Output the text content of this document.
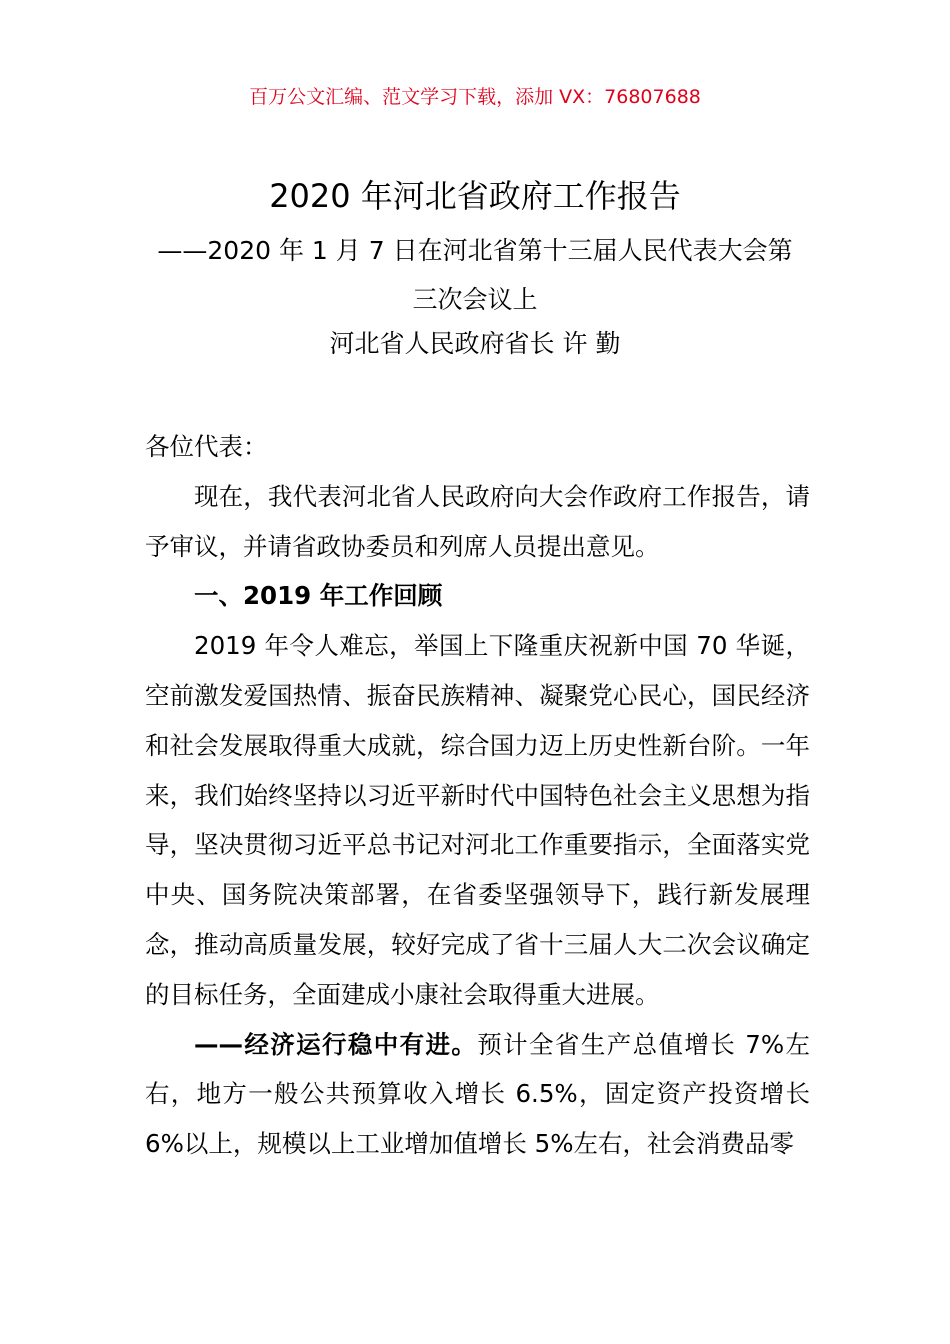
百万公文汇编、范文学习下载，添加 VX：76807688
2020 年河北省政府工作报告
——2020 年 1 月 7 日在河北省第十三届人民代表大会第三次会议上
河北省人民政府省长 许 勤

各位代表：

现在，我代表河北省人民政府向大会作政府工作报告，请予审议，并请省政协委员和列席人员提出意见。

一、2019 年工作回顾

2019 年令人难忘，举国上下隆重庆祝新中国 70 华诞，空前激发爱国热情、振奋民族精神、凝聚党心民心，国民经济和社会发展取得重大成就，综合国力迈上历史性新台阶。一年来，我们始终坚持以习近平新时代中国特色社会主义思想为指导，坚决贯彻习近平总书记对河北工作重要指示，全面落实党中央、国务院决策部署，在省委坚强领导下，践行新发展理念，推动高质量发展，较好完成了省十三届人大二次会议确定的目标任务，全面建成小康社会取得重大进展。

——经济运行稳中有进。预计全省生产总值增长 7%左右，地方一般公共预算收入增长 6.5%，固定资产投资增长 6%以上，规模以上工业增加值增长 5%左右，社会消费品零
